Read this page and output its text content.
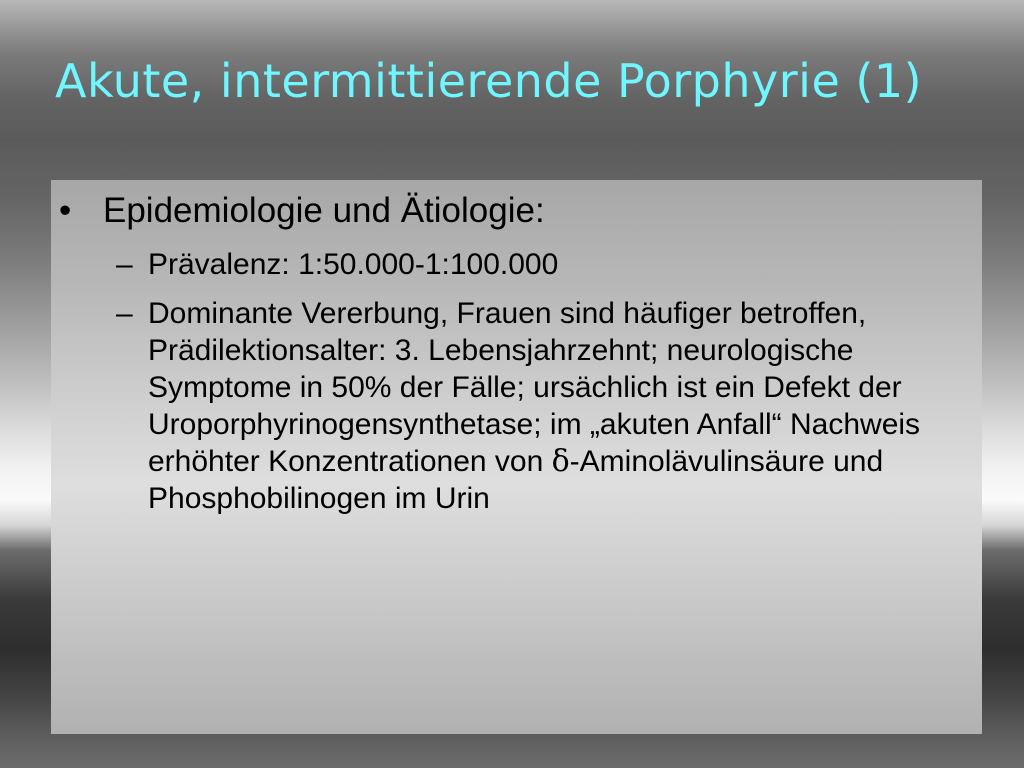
Akute, intermittierende Porphyrie (1)
• Epidemiologie und Ätiologie:
– Prävalenz: 1:50.000-1:100.000
– Dominante Vererbung, Frauen sind häufiger betroffen, Prädilektionsalter: 3. Lebensjahrzehnt; neurologische Symptome in 50% der Fälle; ursächlich ist ein Defekt der Uroporphyrinogensynthetase; im „akuten Anfall“ Nachweis erhöhter Konzentrationen von δ-Aminolävulinsäure und Phosphobilinogen im Urin
